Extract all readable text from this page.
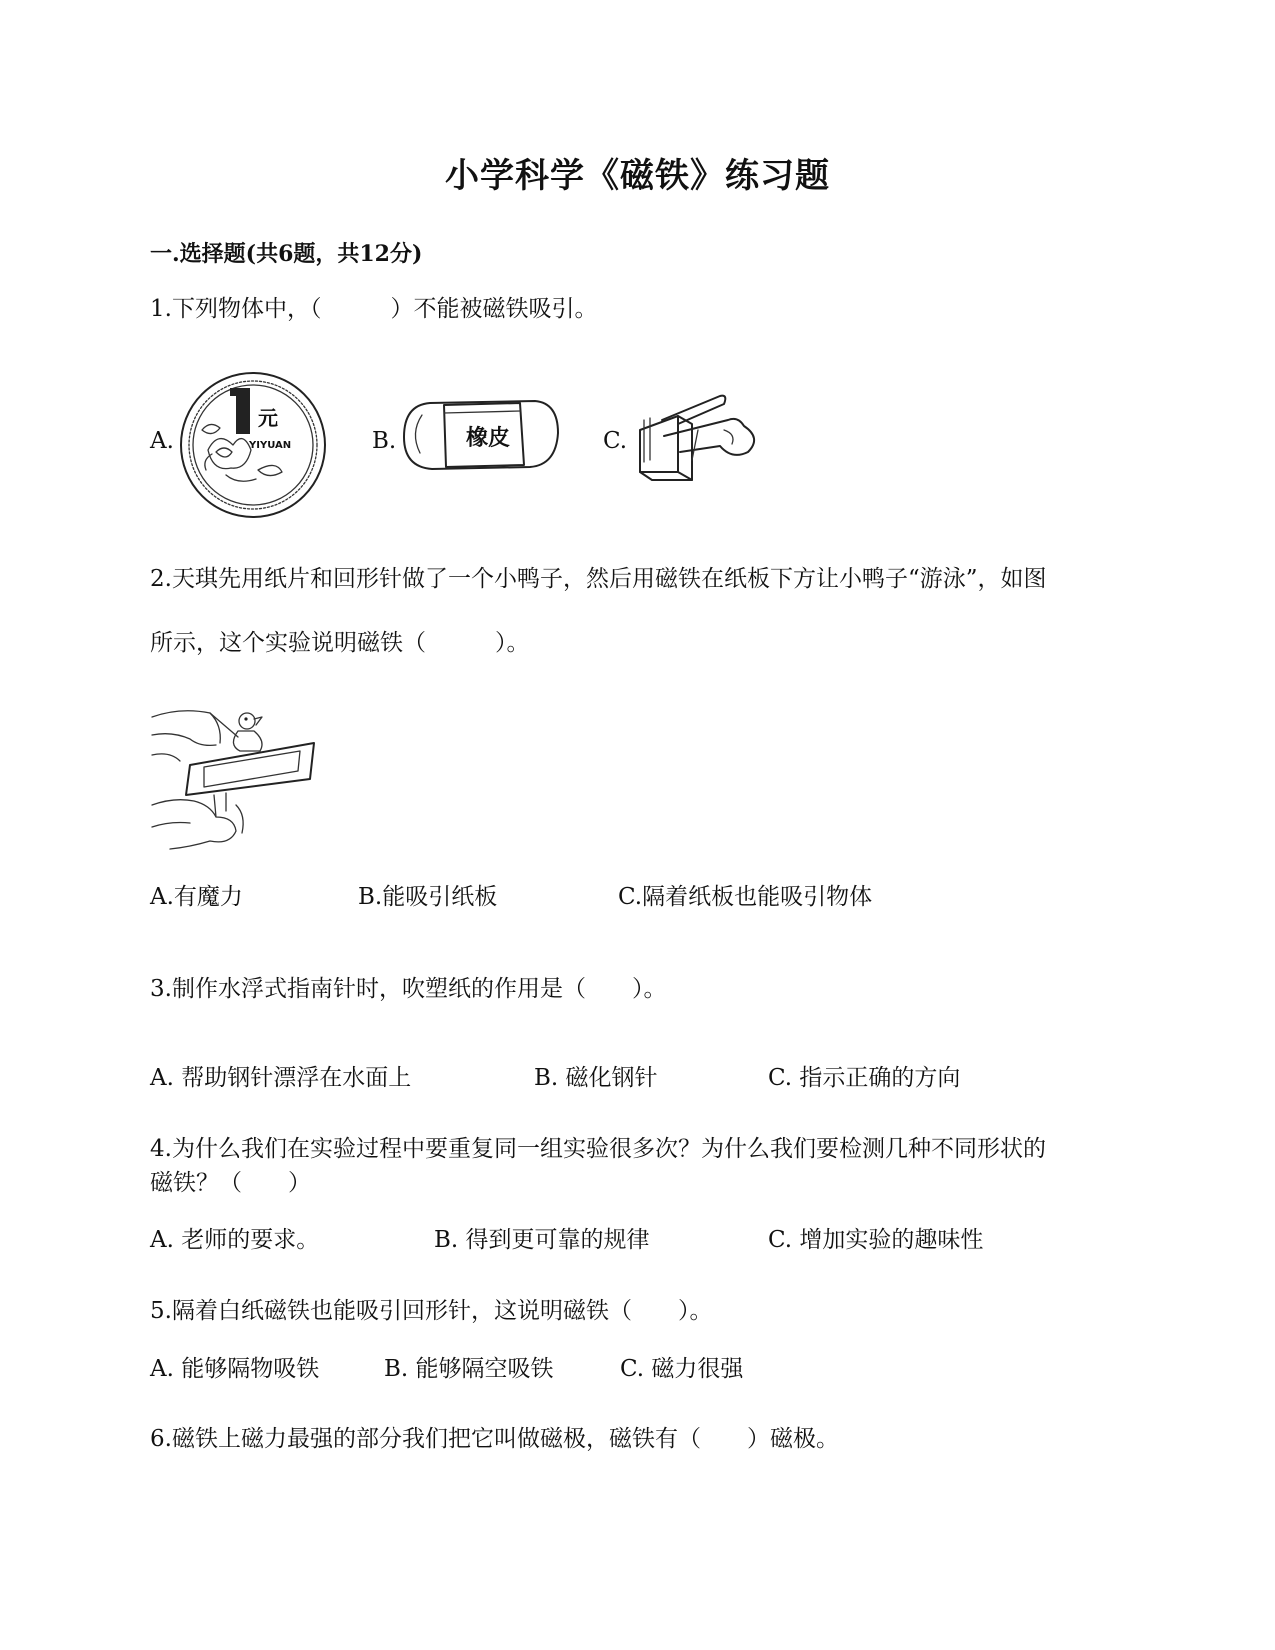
小学科学《磁铁》练习题
一.选择题(共6题，共12分)
1.下列物体中，（　　　）不能被磁铁吸引。
A.
元
YIYUAN	B.	橡皮	C.
2.天琪先用纸片和回形针做了一个小鸭子，然后用磁铁在纸板下方让小鸭子“游泳”，如图
所示，这个实验说明磁铁（　　　）。
A.有魔力	B.能吸引纸板	C.隔着纸板也能吸引物体
3.制作水浮式指南针时，吹塑纸的作用是（　　）。
A. 帮助钢针漂浮在水面上	B. 磁化钢针	C. 指示正确的方向
4.为什么我们在实验过程中要重复同一组实验很多次？为什么我们要检测几种不同形状的
磁铁？（　　）
A. 老师的要求。	B. 得到更可靠的规律	C. 增加实验的趣味性
5.隔着白纸磁铁也能吸引回形针，这说明磁铁（　　）。
A. 能够隔物吸铁	B. 能够隔空吸铁	C. 磁力很强
6.磁铁上磁力最强的部分我们把它叫做磁极，磁铁有（　　）磁极。
